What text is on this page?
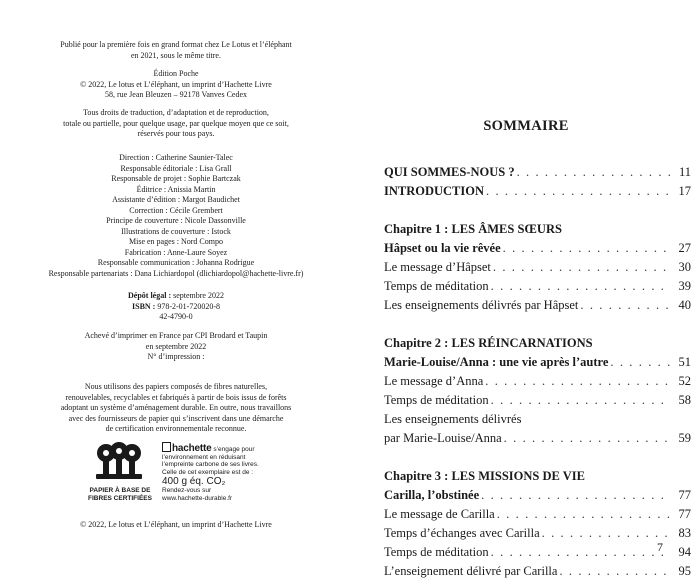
Publié pour la première fois en grand format chez Le Lotus et l’éléphant

en 2021, sous le même titre.

Édition Poche

© 2022, Le lotus et L’éléphant, un imprint d’Hachette Livre

58, rue Jean Bleuzen – 92178 Vanves Cedex

Tous droits de traduction, d’adaptation et de reproduction,

totale ou partielle, pour quelque usage, par quelque moyen que ce soit,

réservés pour tous pays.

Direction : Catherine Saunier-Talec

Responsable éditoriale : Lisa Grall

Responsable de projet : Sophie Bartczak

Éditrice : Anissia Martin

Assistante d’édition : Margot Baudichet

Correction : Cécile Grembert

Principe de couverture : Nicole Dassonville

Illustrations de couverture : Istock

Mise en pages : Nord Compo

Fabrication : Anne-Laure Soyez

Responsable communication : Johanna Rodrigue

Responsable partenariats : Dana Lichiardopol (dlichiardopol@hachette-livre.fr)

Dépôt légal : septembre 2022

ISBN : 978-2-01-720020-8

42-4790-0

Achevé d’imprimer en France par CPI Brodard et Taupin

en septembre 2022

N° d’impression :

Nous utilisons des papiers composés de fibres naturelles,

renouvelables, recyclables et fabriqués à partir de bois issus de forêts

adoptant un système d’aménagement durable. En outre, nous travaillons

avec des fournisseurs de papier qui s’inscrivent dans une démarche

de certification environnementale reconnue.

PAPIER À BASE DE

FIBRES CERTIFIÉES

hachette s’engage pour

l’environnement en réduisant

l’empreinte carbone de ses livres.

Celle de cet exemplaire est de :

400 g éq. CO₂

Rendez-vous sur

www.hachette-durable.fr

© 2022, Le lotus et L’éléphant, un imprint d’Hachette Livre
SOMMAIRE
QUI SOMMES-NOUS ? . . .	11
INTRODUCTION . . .	17
Chapitre 1 : LES ÂMES SŒURS
Hâpset ou la vie rêvée . . .	27
Le message d’Hâpset . . .	30
Temps de méditation . . .	39
Les enseignements délivrés par Hâpset . . .	40
Chapitre 2 : LES RÉINCARNATIONS
Marie-Louise/Anna : une vie après l’autre . . .	51
Le message d’Anna . . .	52
Temps de méditation . . .	58
Les enseignements délivrés
par Marie-Louise/Anna . . .	59
Chapitre 3 : LES MISSIONS DE VIE
Carilla, l’obstinée . . .	77
Le message de Carilla . . .	77
Temps d’échanges avec Carilla . . .	83
Temps de méditation . . .	94
L’enseignement délivré par Carilla . . .	95
7
